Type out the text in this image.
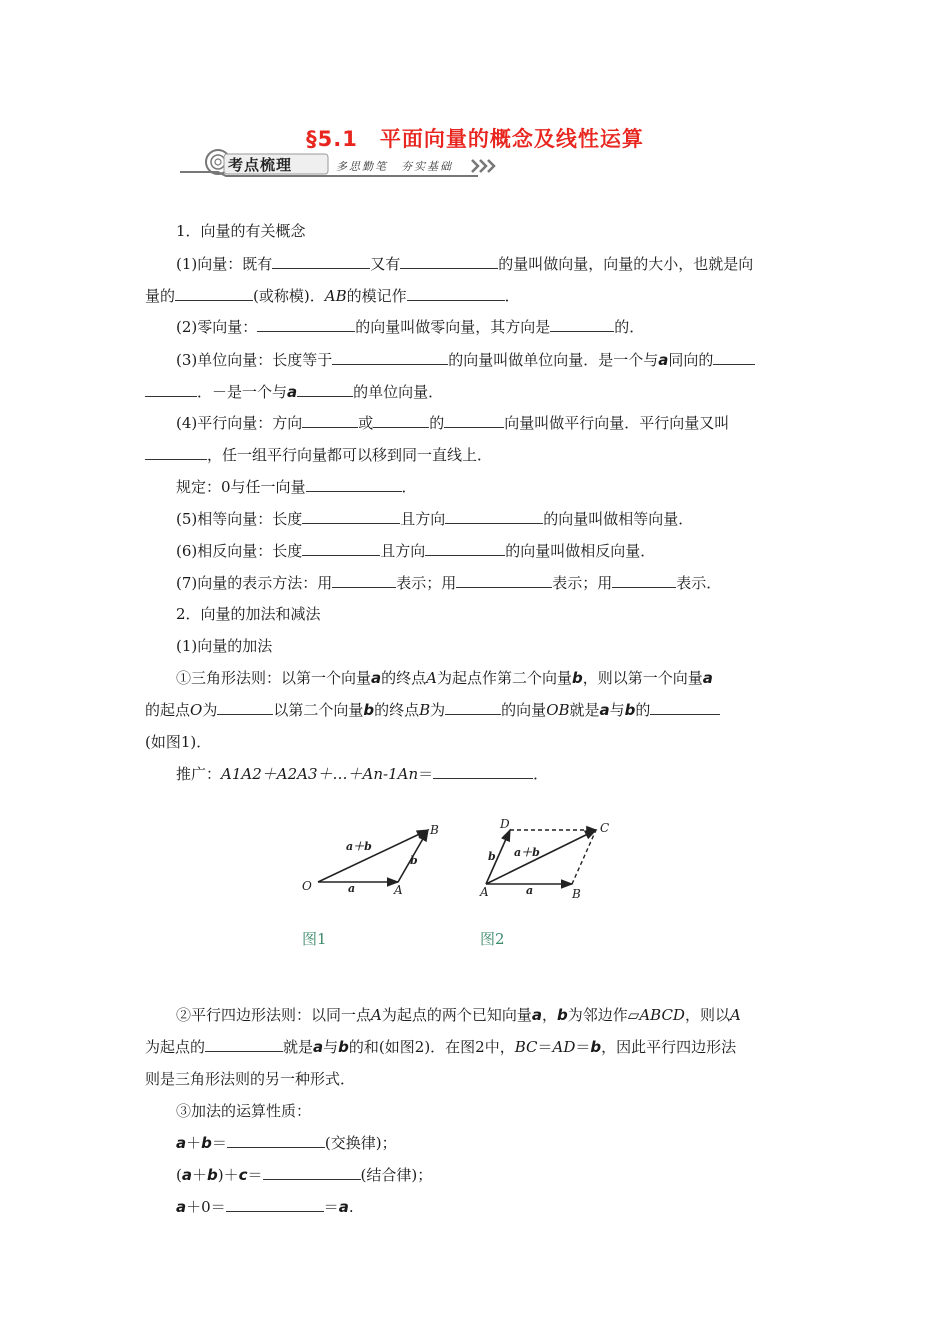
§5.1　平面向量的概念及线性运算
考点梳理	多思勤笔　夯实基础
1．向量的有关概念
(1)向量：既有	又有	的量叫做向量，向量的大小，也就是向
量的	(或称模)．AB的模记作	．
(2)零向量：	的向量叫做零向量，其方向是	的．
(3)单位向量：长度等于	的向量叫做单位向量．是一个与a同向的
．－是一个与a	的单位向量．
(4)平行向量：方向	或	的	向量叫做平行向量．平行向量又叫
，任一组平行向量都可以移到同一直线上．
规定：0与任一向量	．
(5)相等向量：长度	且方向	的向量叫做相等向量．
(6)相反向量：长度	且方向	的向量叫做相反向量．
(7)向量的表示方法：用	表示；用	表示；用	表示．
2．向量的加法和减法
(1)向量的加法
①三角形法则：以第一个向量a的终点A为起点作第二个向量b，则以第一个向量a
的起点O为	以第二个向量b的终点B为	的向量OB就是a与b的
(如图1)．
推广：A1A2＋A2A3＋…＋An-1An＝	．
O	A
B
a
b
a＋b
A	B
C
D
a
b a＋b
图1	图2
②平行四边形法则：以同一点A为起点的两个已知向量a，b为邻边作▱ABCD，则以A
为起点的	就是a与b的和(如图2)．在图2中，BC＝AD＝b，因此平行四边形法
则是三角形法则的另一种形式．
③加法的运算性质：
a＋b＝	(交换律)；
(a＋b)＋c＝	(结合律)；
a＋0＝	＝a.
